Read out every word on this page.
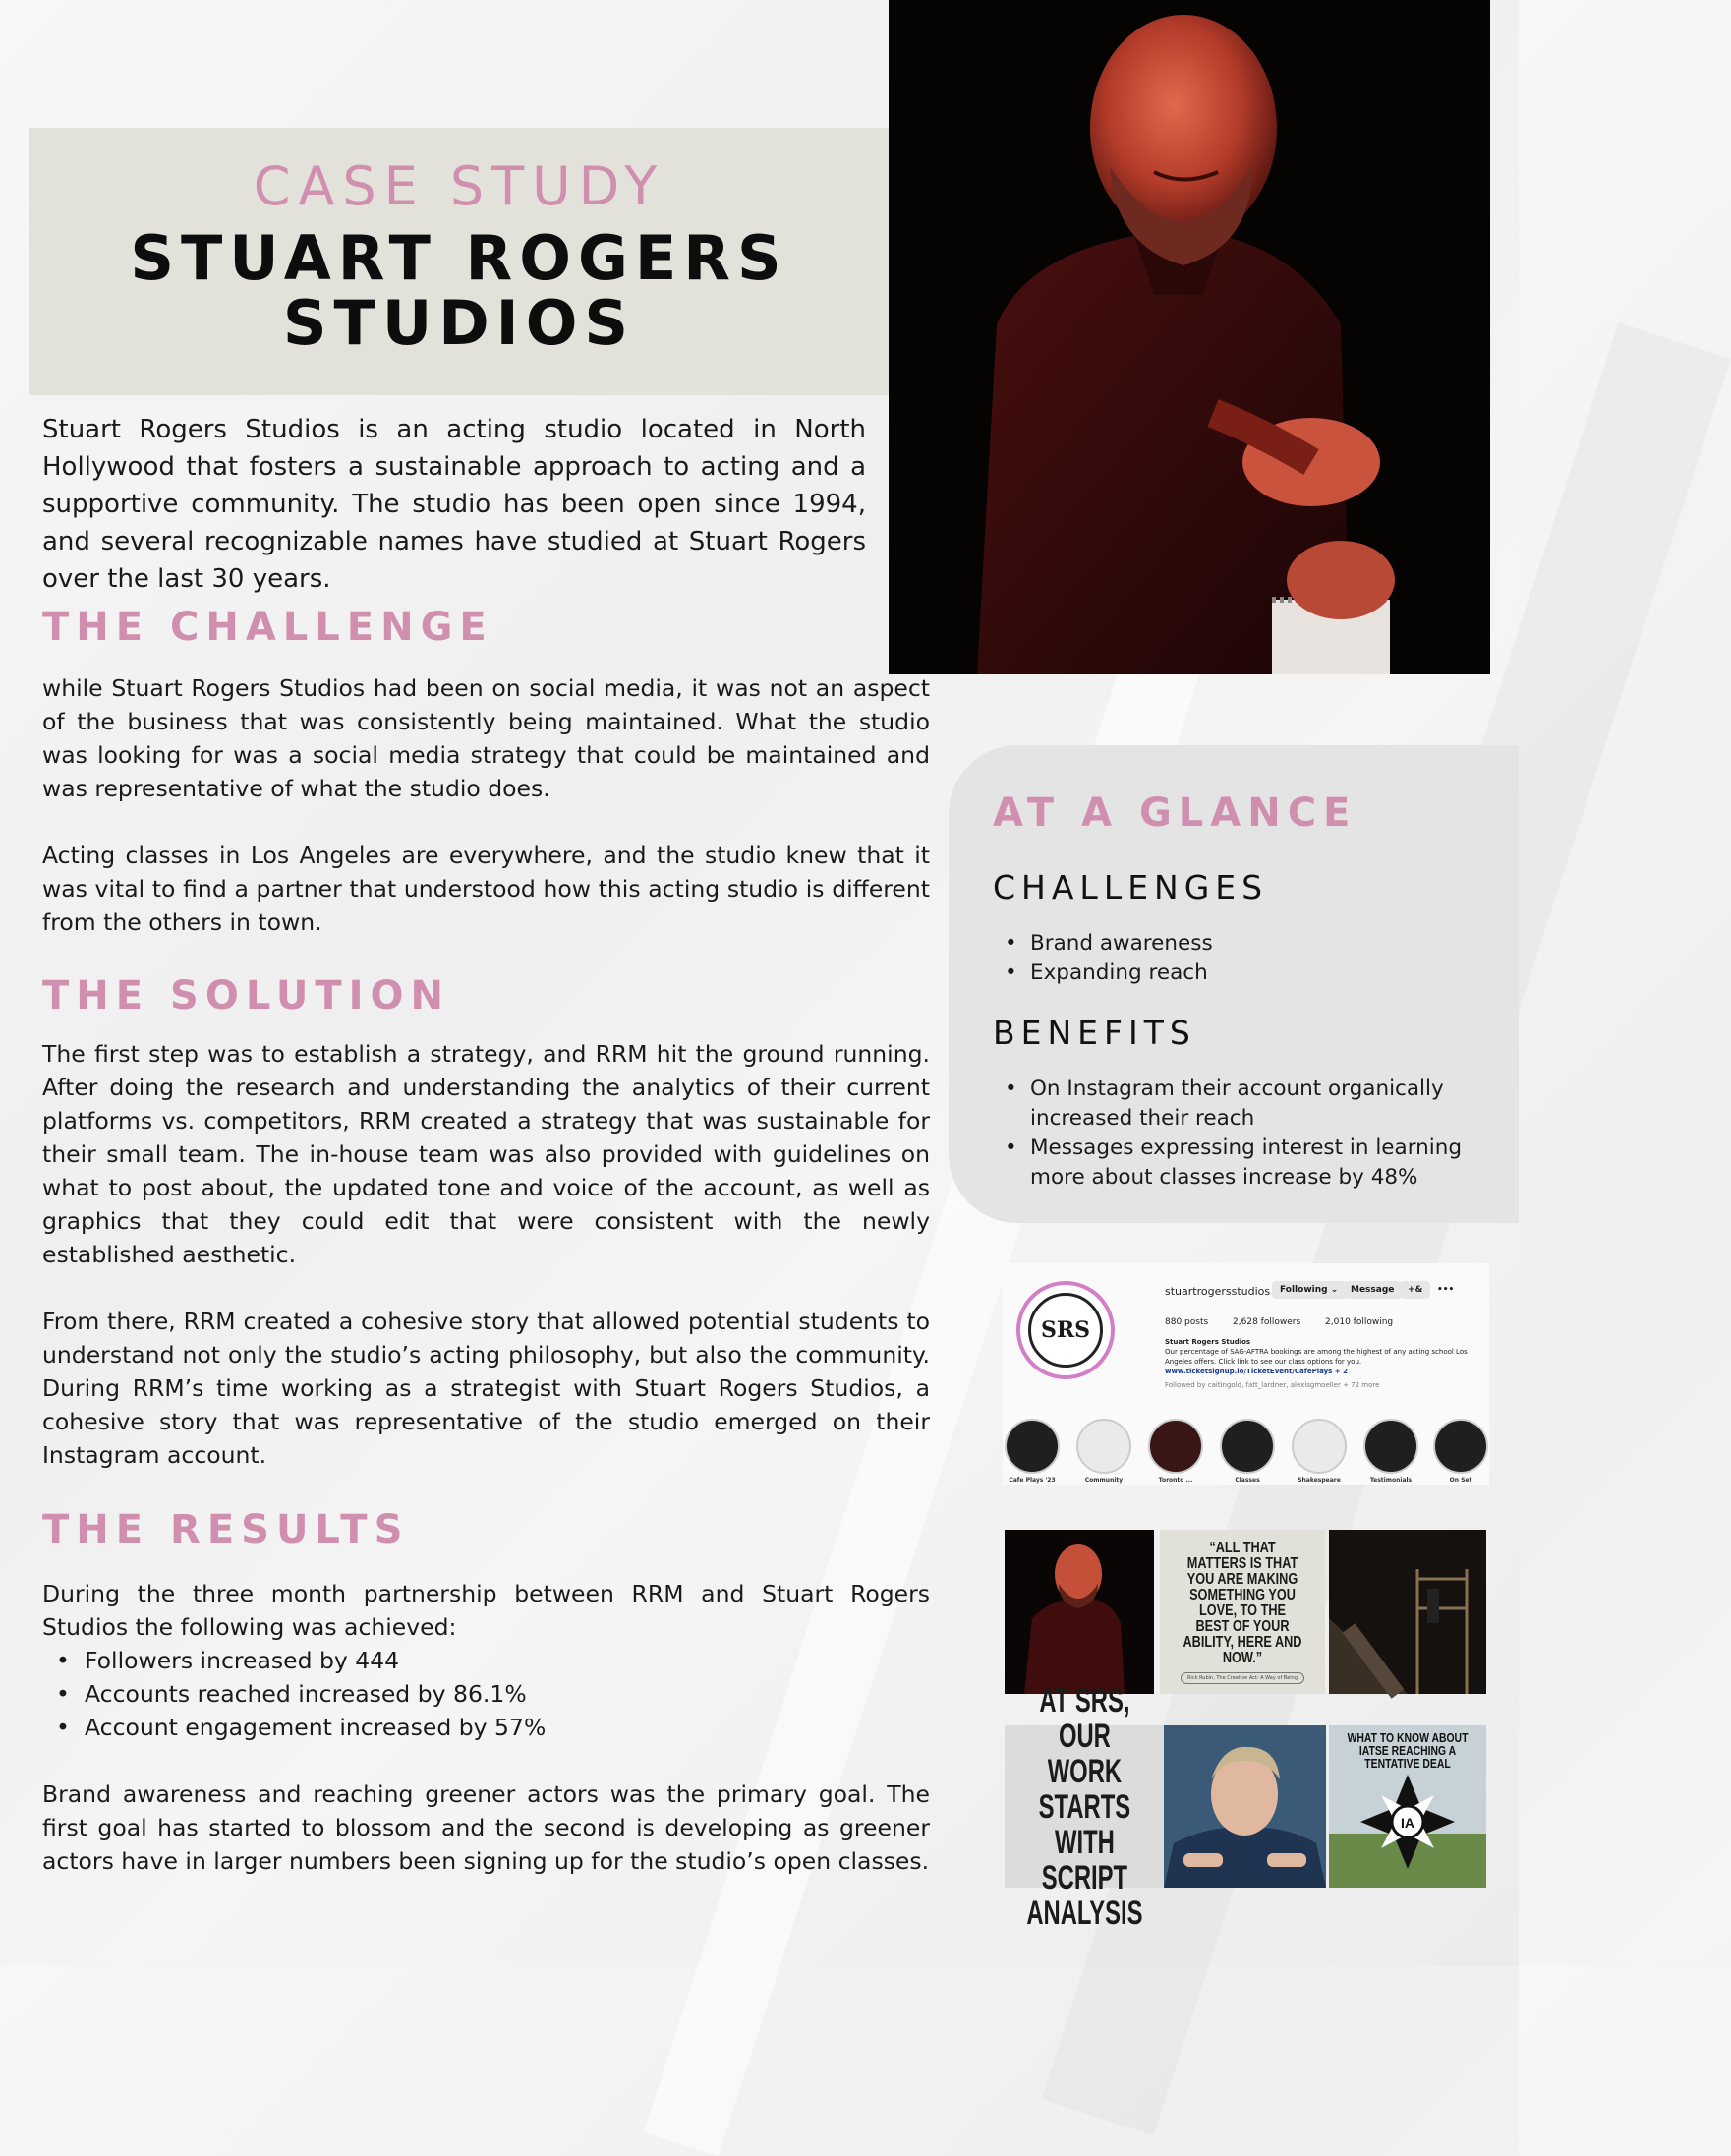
CASE STUDY
STUART ROGERS
STUDIOS
Stuart Rogers Studios is an acting studio located in North Hollywood that fosters a sustainable approach to acting and a supportive community. The studio has been open since 1994, and several recognizable names have studied at Stuart Rogers over the last 30 years.
THE CHALLENGE

while Stuart Rogers Studios had been on social media, it was not an aspect of the business that was consistently being maintained. What the studio was looking for was a social media strategy that could be maintained and was representative of what the studio does.

Acting classes in Los Angeles are everywhere, and the studio knew that it was vital to find a partner that understood how this acting studio is different from the others in town.

THE SOLUTION

The first step was to establish a strategy, and RRM hit the ground running. After doing the research and understanding the analytics of their current platforms vs. competitors, RRM created a strategy that was sustainable for their small team. The in-house team was also provided with guidelines on what to post about, the updated tone and voice of the account, as well as graphics that they could edit that were consistent with the newly established aesthetic.

From there, RRM created a cohesive story that allowed potential students to understand not only the studio’s acting philosophy, but also the community. During RRM’s time working as a strategist with Stuart Rogers Studios, a cohesive story that was representative of the studio emerged on their Instagram account.

THE RESULTS

During the three month partnership between RRM and Stuart Rogers Studios the following was achieved:

• Followers increased by 444
• Accounts reached increased by 86.1%
• Account engagement increased by 57%

Brand awareness and reaching greener actors was the primary goal. The first goal has started to blossom and the second is developing as greener actors have in larger numbers been signing up for the studio’s open classes.

AT A GLANCE
CHALLENGES
• Brand awareness
• Expanding reach
BENEFITS
• On Instagram their account organically increased their reach
• Messages expressing interest in learning more about classes increase by 48%
SRS
stuartrogersstudios	Following ⌄	Message	+&	•••
880 posts	2,628 followers	2,010 following
Stuart Rogers Studios
Our percentage of SAG-AFTRA bookings are among the highest of any acting school Los Angeles offers. Click link to see our class options for you.
www.ticketsignup.io/TicketEvent/CafePlays + 2
Followed by caitingold, fatt_lardner, alexisgmoeller + 72 more
Cafe Plays '23	Community	Toronto ...	Classes	Shakespeare	Testimonials	On Set
“ALL THAT MATTERS IS THAT YOU ARE MAKING SOMETHING YOU LOVE, TO THE BEST OF YOUR ABILITY, HERE AND NOW.”
Rick Rubin, The Creative Act: A Way of Being
AT SRS, OUR WORK STARTS WITH SCRIPT ANALYSIS
WHAT TO KNOW ABOUT IATSE REACHING A TENTATIVE DEAL
IA
